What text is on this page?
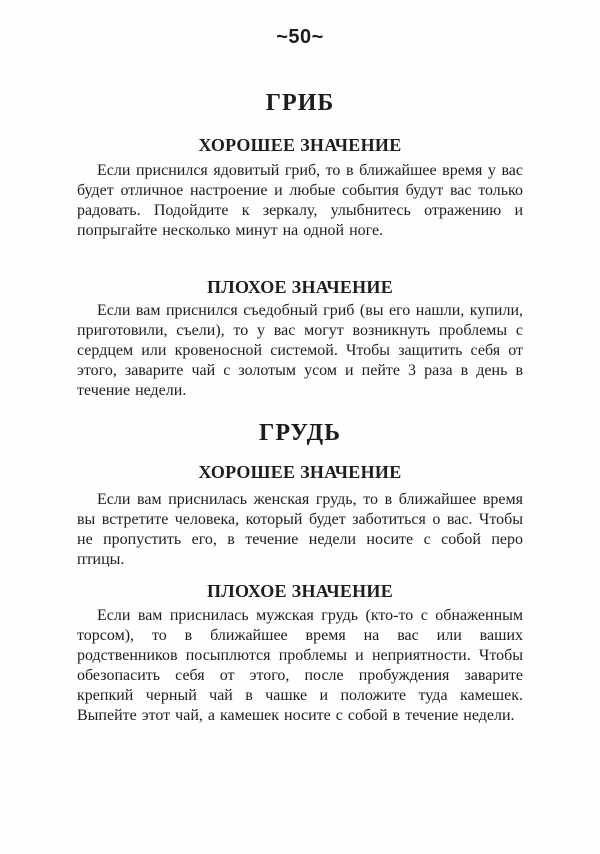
~50~
ГРИБ
ХОРОШЕЕ ЗНАЧЕНИЕ

Если приснился ядовитый гриб, то в ближайшее время у вас будет отличное настроение и любые события будут вас только радовать. Подойдите к зеркалу, улыбнитесь отражению и попрыгайте несколько минут на одной ноге.

ПЛОХОЕ ЗНАЧЕНИЕ

Если вам приснился съедобный гриб (вы его нашли, купили, приготовили, съели), то у вас могут возникнуть проблемы с сердцем или кровеносной системой. Чтобы защитить себя от этого, заварите чай с золотым усом и пейте 3 раза в день в течение недели.

ГРУДЬ
ХОРОШЕЕ ЗНАЧЕНИЕ

Если вам приснилась женская грудь, то в ближайшее время вы встретите человека, который будет заботиться о вас. Чтобы не пропустить его, в течение недели носите с собой перо птицы.

ПЛОХОЕ ЗНАЧЕНИЕ

Если вам приснилась мужская грудь (кто-то с обнаженным торсом), то в ближайшее время на вас или ваших родственников посыплются проблемы и неприятности. Чтобы обезопасить себя от этого, после пробуждения заварите крепкий черный чай в чашке и положите туда камешек. Выпейте этот чай, а камешек носите с собой в течение недели.
